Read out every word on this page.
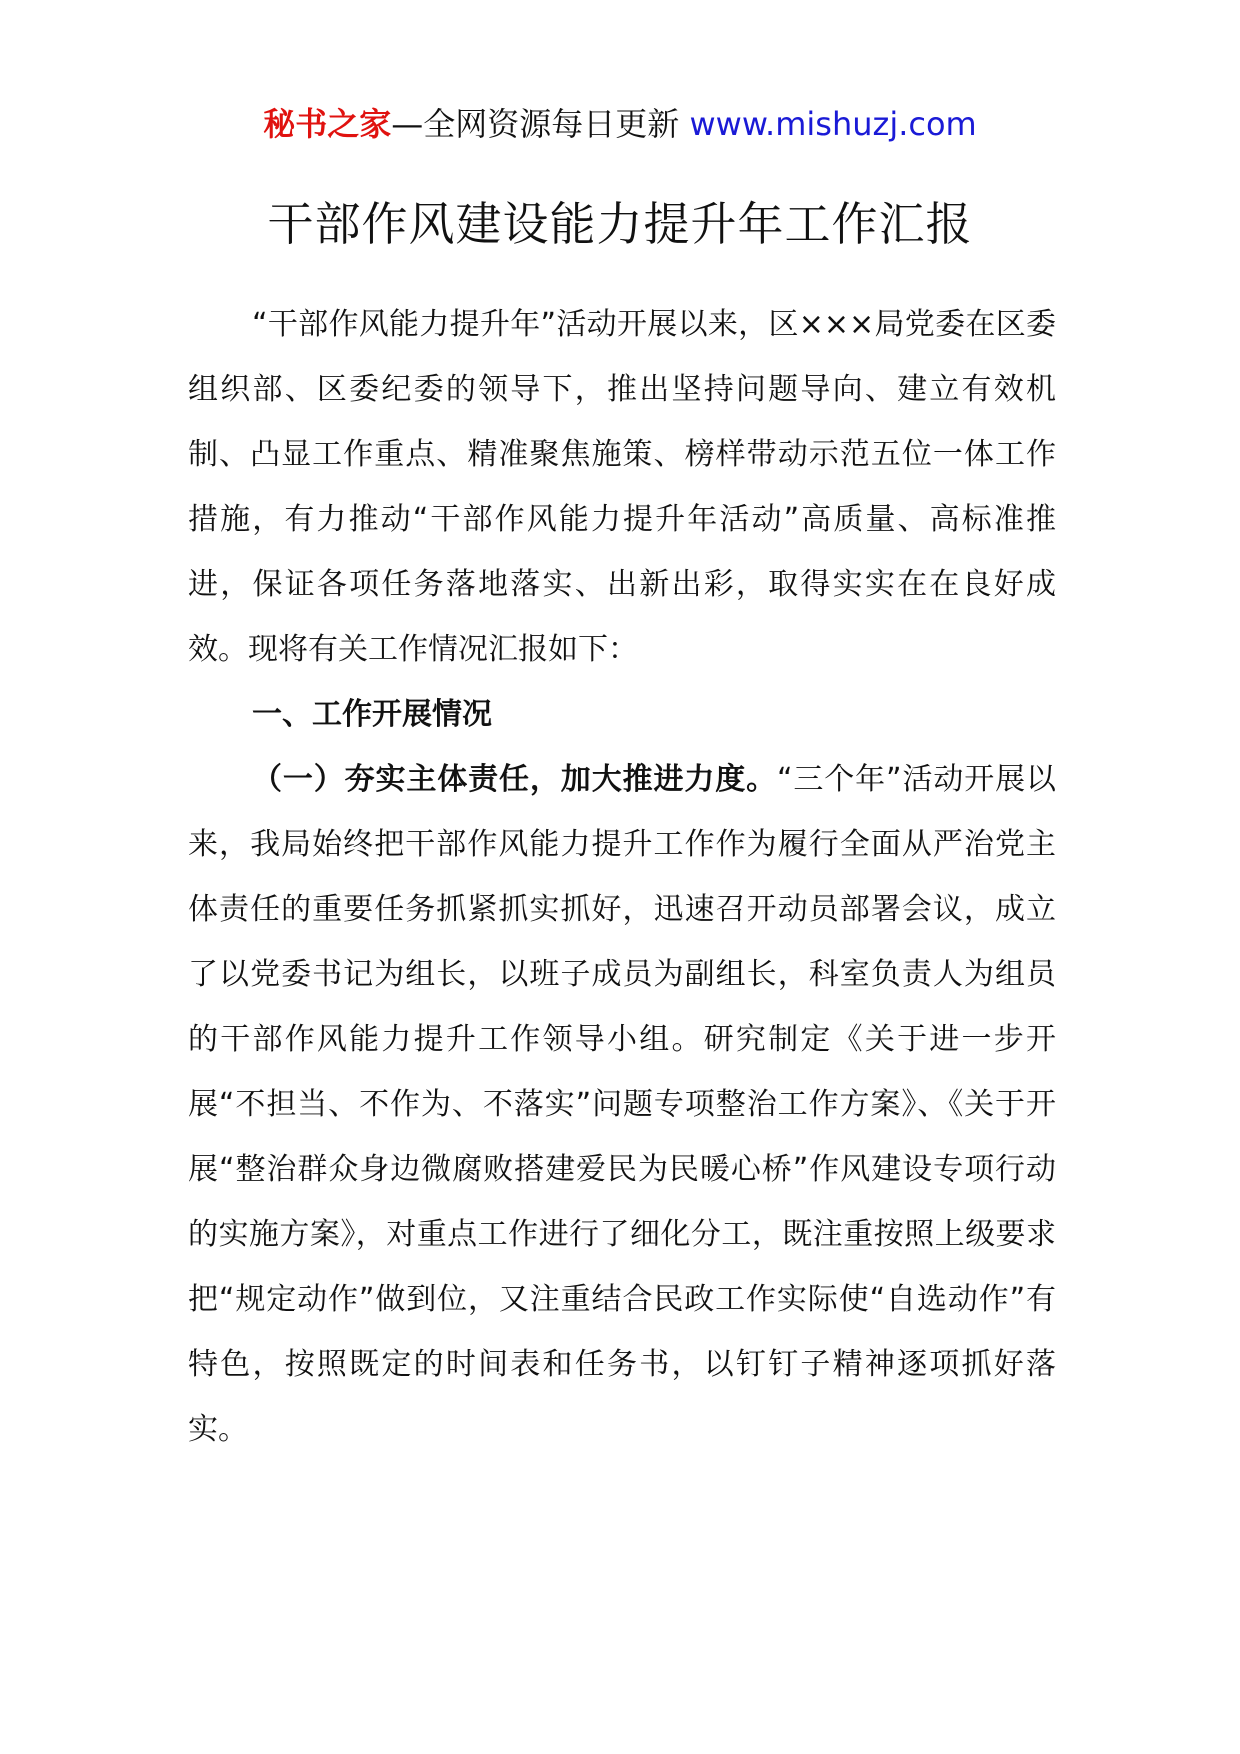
秘书之家—全网资源每日更新 www.mishuzj.com
干部作风建设能力提升年工作汇报

“干部作风能力提升年”活动开展以来，区×××局党委在区委组织部、区委纪委的领导下，推出坚持问题导向、建立有效机制、凸显工作重点、精准聚焦施策、榜样带动示范五位一体工作措施，有力推动“干部作风能力提升年活动”高质量、高标准推进，保证各项任务落地落实、出新出彩，取得实实在在良好成效。现将有关工作情况汇报如下：

一、工作开展情况

（一）夯实主体责任，加大推进力度。“三个年”活动开展以来，我局始终把干部作风能力提升工作作为履行全面从严治党主体责任的重要任务抓紧抓实抓好，迅速召开动员部署会议，成立了以党委书记为组长，以班子成员为副组长，科室负责人为组员的干部作风能力提升工作领导小组。研究制定《关于进一步开展“不担当、不作为、不落实”问题专项整治工作方案》、《关于开展“整治群众身边微腐败搭建爱民为民暖心桥”作风建设专项行动的实施方案》，对重点工作进行了细化分工，既注重按照上级要求把“规定动作”做到位，又注重结合民政工作实际使“自选动作”有特色，按照既定的时间表和任务书，以钉钉子精神逐项抓好落实。
